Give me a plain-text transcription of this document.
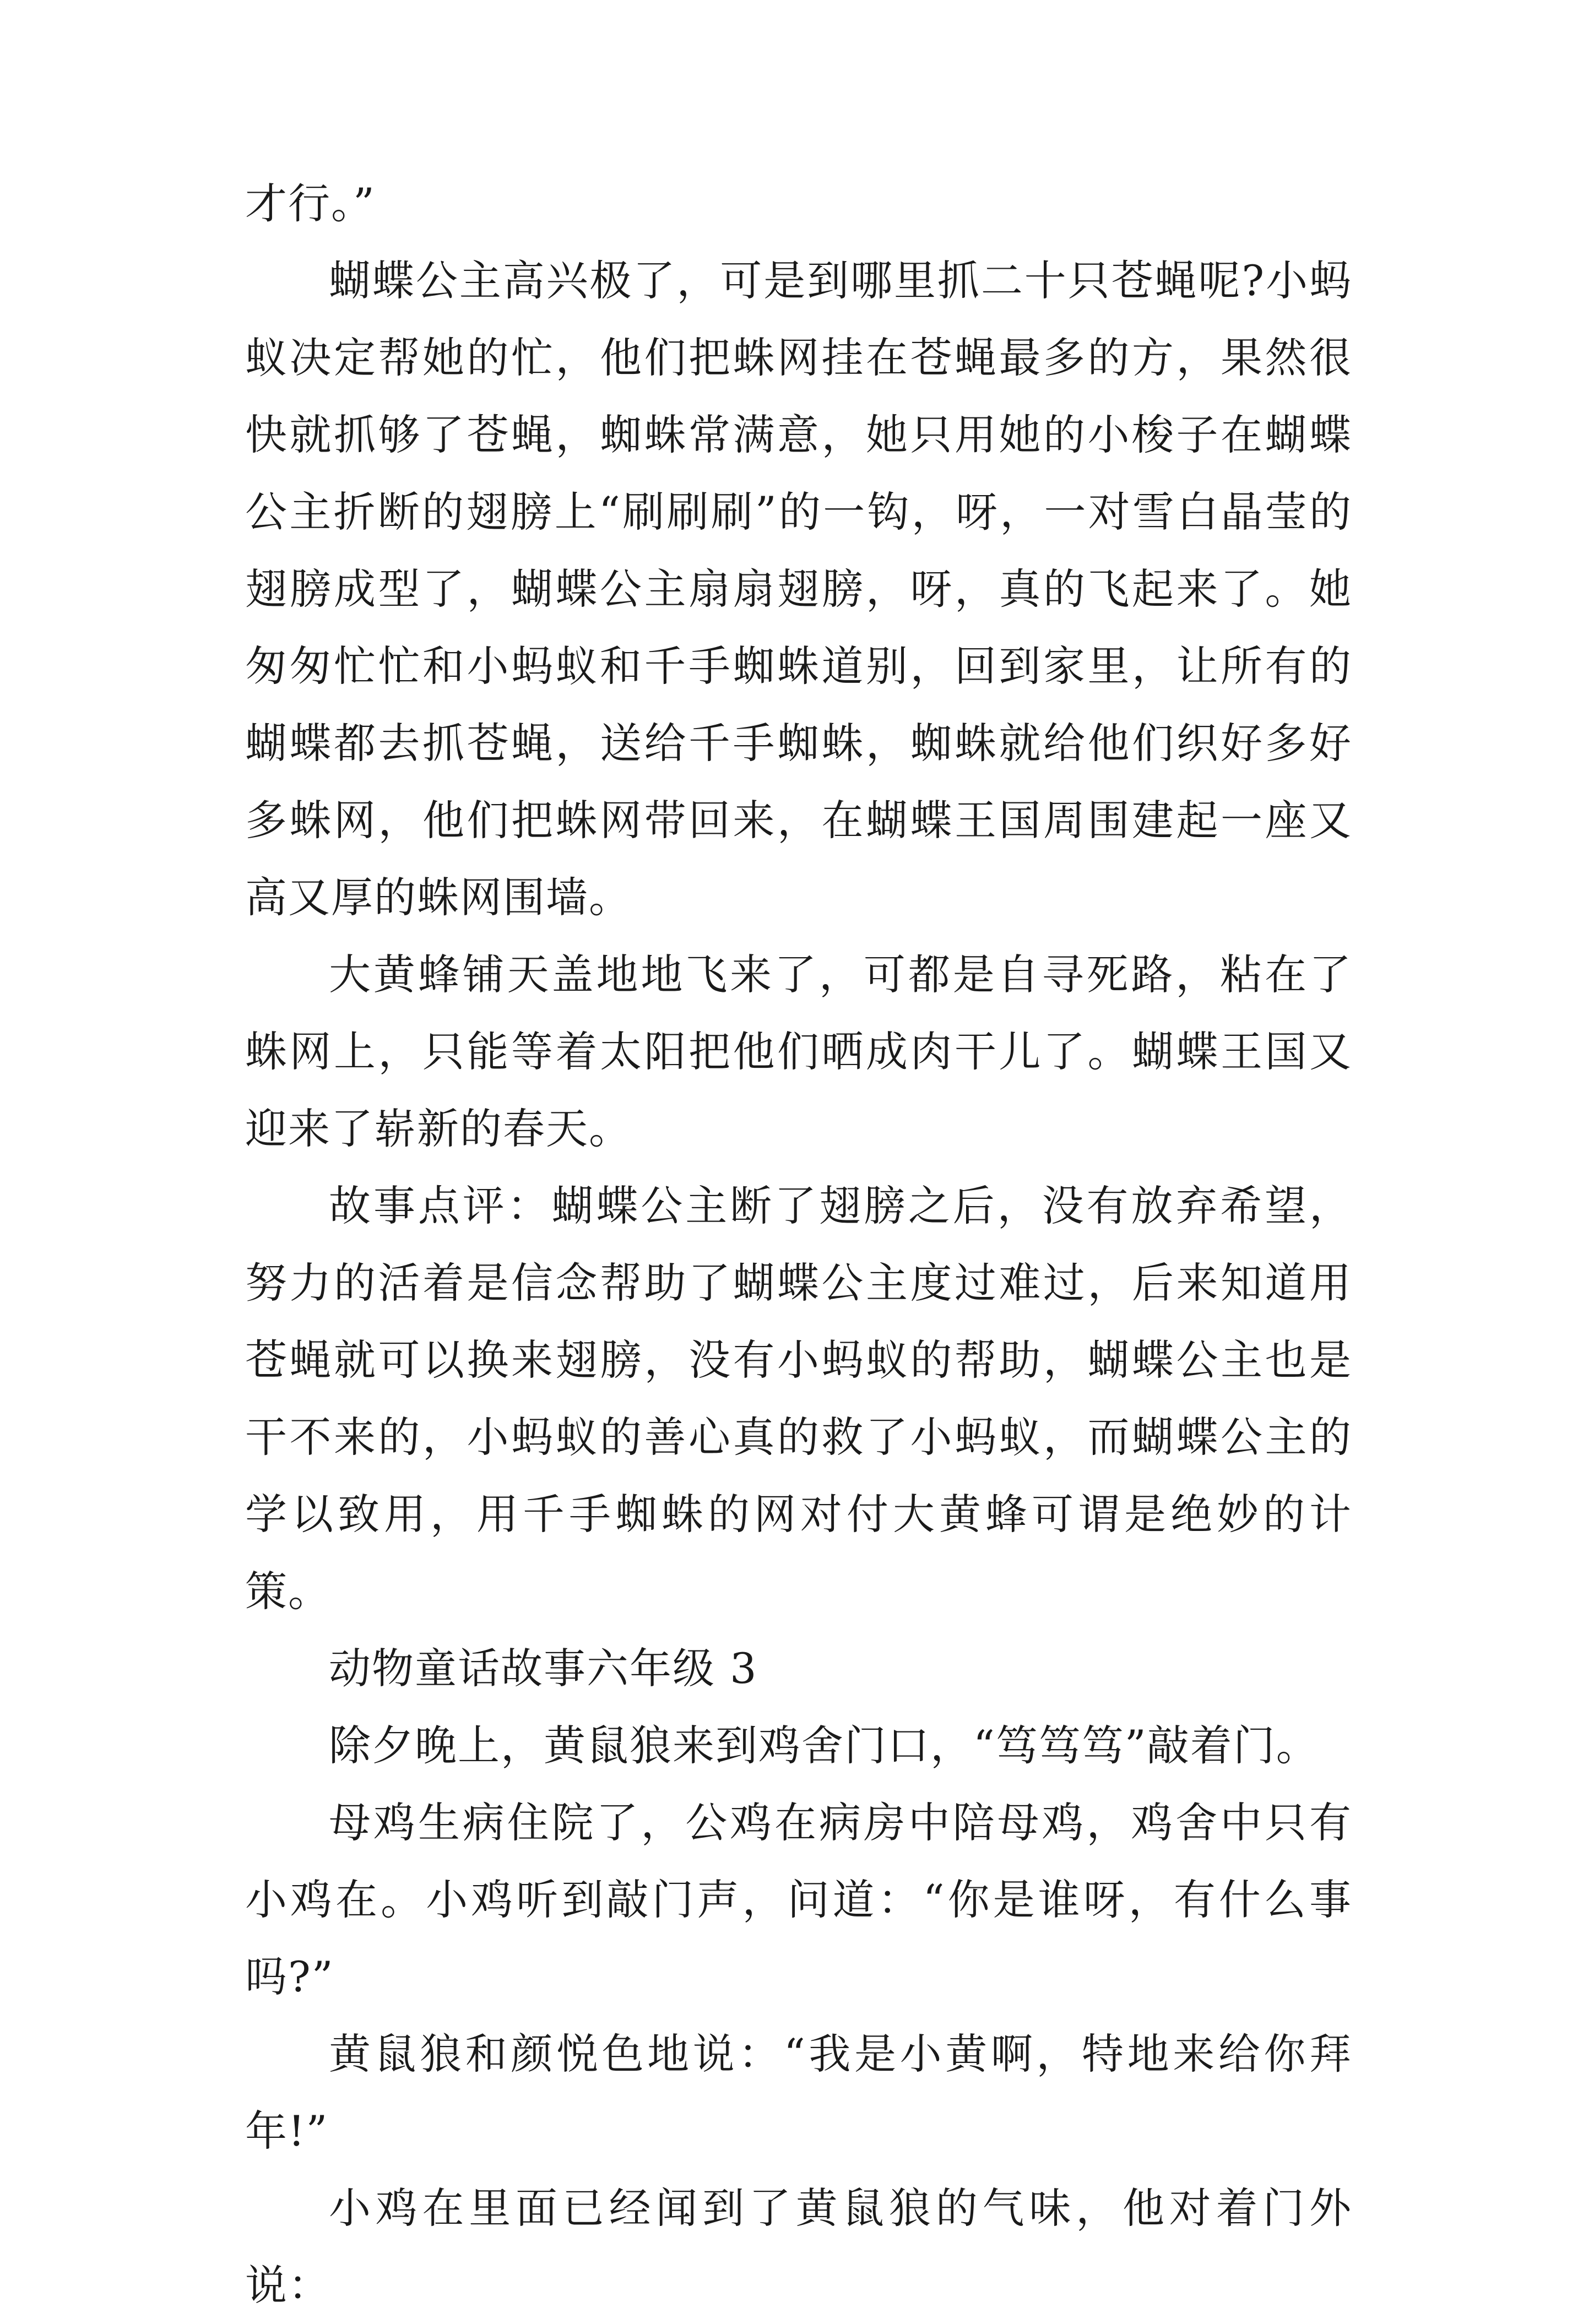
才行。”

蝴蝶公主高兴极了，可是到哪里抓二十只苍蝇呢?小蚂蚁决定帮她的忙，他们把蛛网挂在苍蝇最多的方，果然很快就抓够了苍蝇，蜘蛛常满意，她只用她的小梭子在蝴蝶公主折断的翅膀上“刷刷刷”的一钩，呀，一对雪白晶莹的翅膀成型了，蝴蝶公主扇扇翅膀，呀，真的飞起来了。她匆匆忙忙和小蚂蚁和千手蜘蛛道别，回到家里，让所有的蝴蝶都去抓苍蝇，送给千手蜘蛛，蜘蛛就给他们织好多好多蛛网，他们把蛛网带回来，在蝴蝶王国周围建起一座又高又厚的蛛网围墙。

大黄蜂铺天盖地地飞来了，可都是自寻死路，粘在了蛛网上，只能等着太阳把他们晒成肉干儿了。蝴蝶王国又迎来了崭新的春天。

故事点评：蝴蝶公主断了翅膀之后，没有放弃希望，努力的活着是信念帮助了蝴蝶公主度过难过，后来知道用苍蝇就可以换来翅膀，没有小蚂蚁的帮助，蝴蝶公主也是干不来的，小蚂蚁的善心真的救了小蚂蚁，而蝴蝶公主的学以致用，用千手蜘蛛的网对付大黄蜂可谓是绝妙的计策。

动物童话故事六年级 3

除夕晚上，黄鼠狼来到鸡舍门口，“笃笃笃”敲着门。

母鸡生病住院了，公鸡在病房中陪母鸡，鸡舍中只有小鸡在。小鸡听到敲门声，问道：“你是谁呀，有什么事吗?”

黄鼠狼和颜悦色地说：“我是小黄啊，特地来给你拜年!”

小鸡在里面已经闻到了黄鼠狼的气味，他对着门外说：
